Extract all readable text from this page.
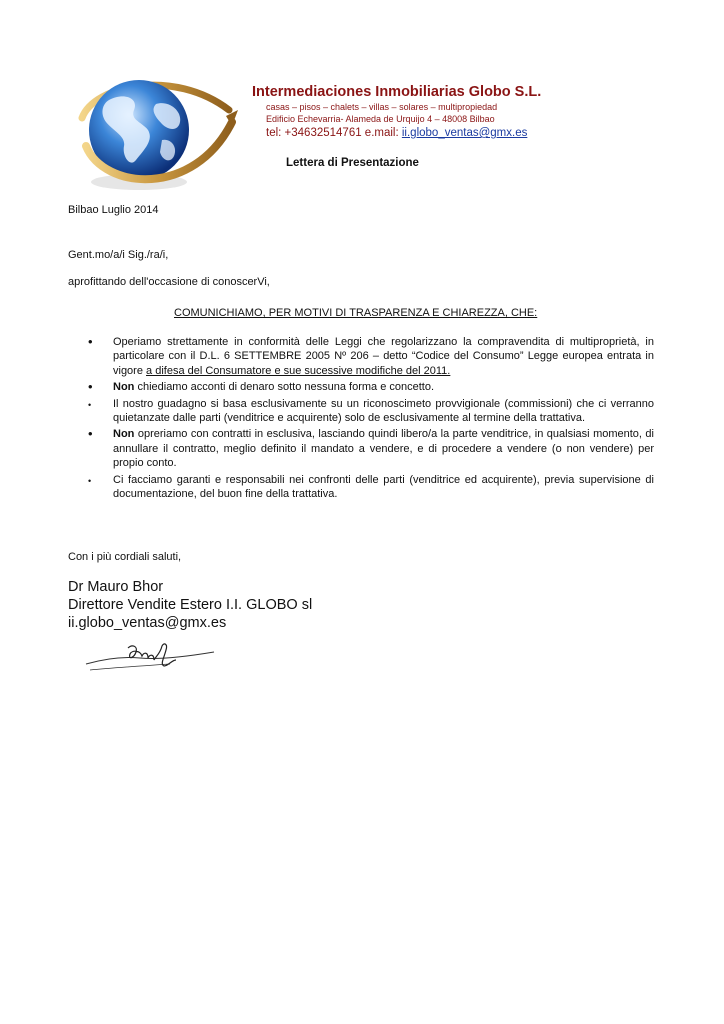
Intermediaciones Inmobiliarias Globo S.L.
casas – pisos – chalets – villas – solares – multipropiedad
Edificio Echevarria- Alameda de Urquijo 4 – 48008 Bilbao
tel: +34632514761 e.mail: ii.globo_ventas@gmx.es
Lettera di Presentazione
Bilbao Luglio 2014
Gent.mo/a/i Sig./ra/i,
aprofittando dell'occasione di conoscerVi,
COMUNICHIAMO, PER MOTIVI DI TRASPARENZA E CHIAREZZA, CHE:
• Operiamo strettamente in conformità delle Leggi che regolarizzano la compravendita di multiproprietà, in particolare con il D.L. 6 SETTEMBRE 2005 Nº 206 – detto “Codice del Consumo” Legge europea entrata in vigore a difesa del Consumatore e sue sucessive modifiche del 2011.
• Non chiediamo acconti di denaro sotto nessuna forma e concetto.
• Il nostro guadagno si basa esclusivamente su un riconoscimeto provvigionale (commissioni) che ci verranno quietanzate dalle parti (venditrice e acquirente) solo de esclusivamente al termine della trattativa.
• Non opreriamo con contratti in esclusiva, lasciando quindi libero/a la parte venditrice, in qualsiasi momento, di annullare il contratto, meglio definito il mandato a vendere, e di procedere a vendere (o non vendere) per propio conto.
• Ci facciamo garanti e responsabili nei confronti delle parti (venditrice ed acquirente), previa supervisione di documentazione, del buon fine della trattativa.
Con i più cordiali saluti,
Dr Mauro Bhor
Direttore Vendite Estero I.I. GLOBO sl
ii.globo_ventas@gmx.es
